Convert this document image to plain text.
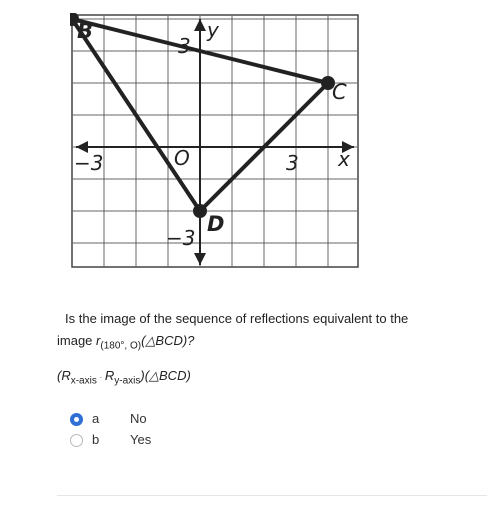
y
x
O
−3	3
3
−3
B
C
D
Is the image of the sequence of reflections equivalent to the
image $r_{(180^\circ, O)}(\triangle BCD)$?
($R_{x-axis}$ · $R_{y-axis})(\triangle BCD)$
a No
b Yes
